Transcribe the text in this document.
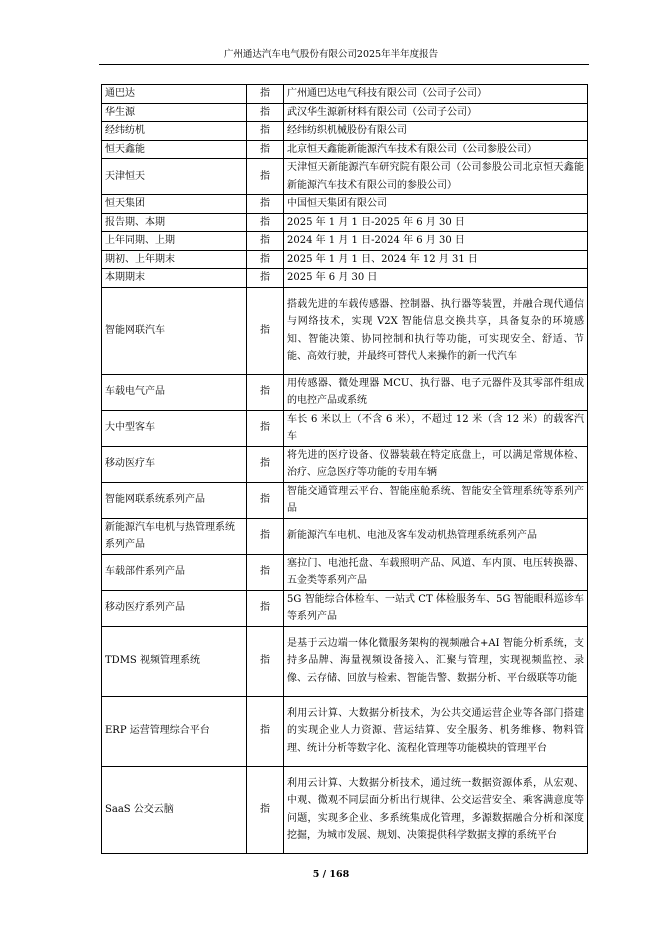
广州通达汽车电气股份有限公司2025年半年度报告
通巴达	指	广州通巴达电气科技有限公司（公司子公司）
华生源	指	武汉华生源新材料有限公司（公司子公司）
经纬纺机	指	经纬纺织机械股份有限公司
恒天鑫能	指	北京恒天鑫能新能源汽车技术有限公司（公司参股公司）
天津恒天	指	天津恒天新能源汽车研究院有限公司（公司参股公司北京恒天鑫能新能源汽车技术有限公司的参股公司）
恒天集团	指	中国恒天集团有限公司
报告期、本期	指	2025 年 1 月 1 日-2025 年 6 月 30 日
上年同期、上期	指	2024 年 1 月 1 日-2024 年 6 月 30 日
期初、上年期末	指	2025 年 1 月 1 日、2024 年 12 月 31 日
本期期末	指	2025 年 6 月 30 日
智能网联汽车	指	搭载先进的车载传感器、控制器、执行器等装置，并融合现代通信与网络技术，实现 V2X 智能信息交换共享，具备复杂的环境感知、智能决策、协同控制和执行等功能，可实现安全、舒适、节能、高效行驶，并最终可替代人来操作的新一代汽车
车载电气产品	指	用传感器、微处理器 MCU、执行器、电子元器件及其零部件组成的电控产品或系统
大中型客车	指	车长 6 米以上（不含 6 米），不超过 12 米（含 12 米）的载客汽车
移动医疗车	指	将先进的医疗设备、仪器装载在特定底盘上，可以满足常规体检、治疗、应急医疗等功能的专用车辆
智能网联系统系列产品	指	智能交通管理云平台、智能座舱系统、智能安全管理系统等系列产品
新能源汽车电机与热管理系统系列产品	指	新能源汽车电机、电池及客车发动机热管理系统系列产品
车载部件系列产品	指	塞拉门、电池托盘、车载照明产品、风道、车内顶、电压转换器、五金类等系列产品
移动医疗系列产品	指	5G 智能综合体检车、一站式 CT 体检服务车、5G 智能眼科巡诊车等系列产品
TDMS 视频管理系统	指	是基于云边端一体化微服务架构的视频融合+AI 智能分析系统，支持多品牌、海量视频设备接入、汇聚与管理，实现视频监控、录像、云存储、回放与检索、智能告警、数据分析、平台级联等功能
ERP 运营管理综合平台	指	利用云计算、大数据分析技术，为公共交通运营企业等各部门搭建的实现企业人力资源、营运结算、安全服务、机务维修、物料管理、统计分析等数字化、流程化管理等功能模块的管理平台
SaaS 公交云脑	指	利用云计算、大数据分析技术，通过统一数据资源体系，从宏观、中观、微观不同层面分析出行规律、公交运营安全、乘客满意度等问题，实现多企业、多系统集成化管理，多源数据融合分析和深度挖掘，为城市发展、规划、决策提供科学数据支撑的系统平台
5 / 168
